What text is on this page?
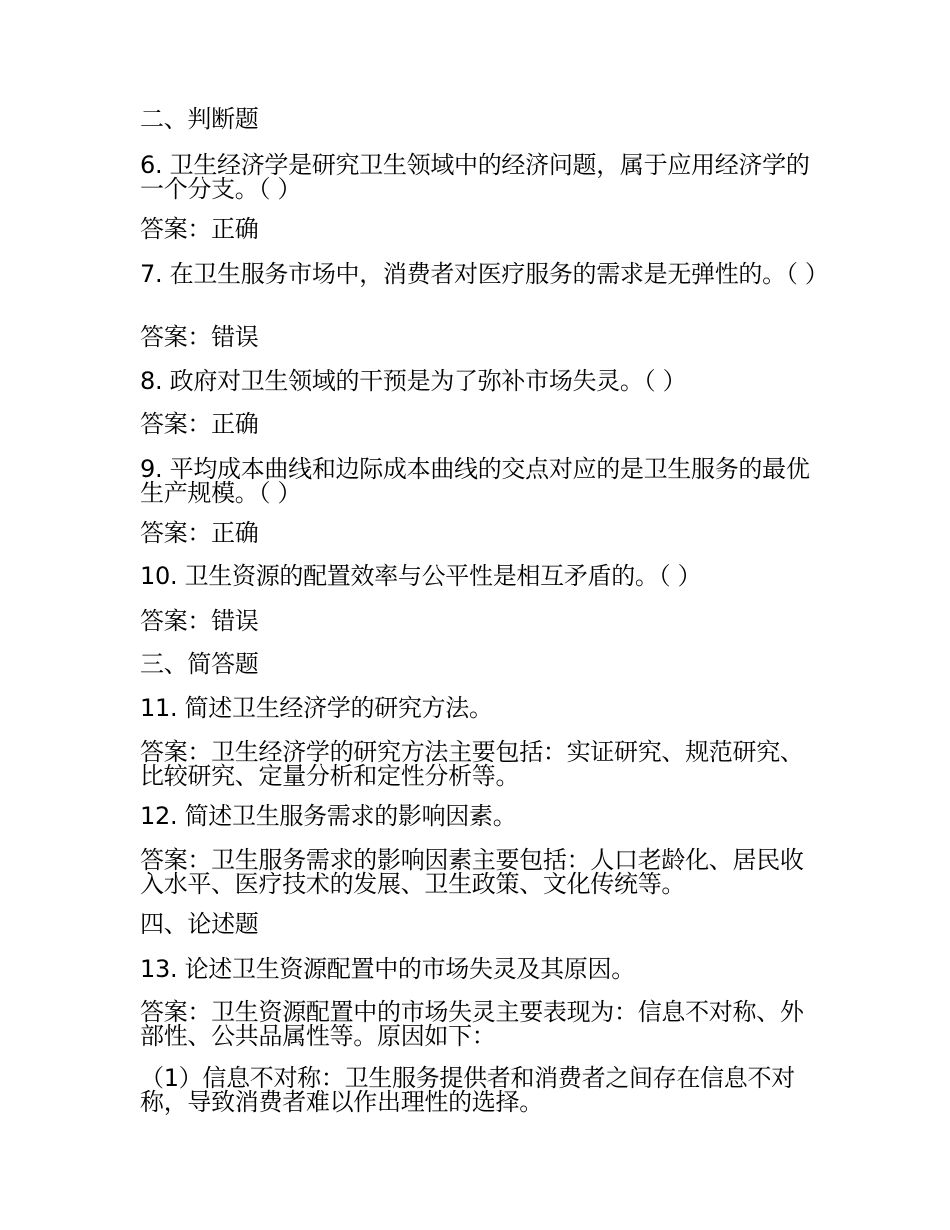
二、判断题
6. 卫生经济学是研究卫生领域中的经济问题，属于应用经济学的一个分支。（ ）
答案：正确
7. 在卫生服务市场中，消费者对医疗服务的需求是无弹性的。（ ）
答案：错误
8. 政府对卫生领域的干预是为了弥补市场失灵。（ ）
答案：正确
9. 平均成本曲线和边际成本曲线的交点对应的是卫生服务的最优生产规模。（ ）
答案：正确
10. 卫生资源的配置效率与公平性是相互矛盾的。（ ）
答案：错误
三、简答题
11. 简述卫生经济学的研究方法。
答案：卫生经济学的研究方法主要包括：实证研究、规范研究、比较研究、定量分析和定性分析等。
12. 简述卫生服务需求的影响因素。
答案：卫生服务需求的影响因素主要包括：人口老龄化、居民收入水平、医疗技术的发展、卫生政策、文化传统等。
四、论述题
13. 论述卫生资源配置中的市场失灵及其原因。
答案：卫生资源配置中的市场失灵主要表现为：信息不对称、外部性、公共品属性等。原因如下：
（1）信息不对称：卫生服务提供者和消费者之间存在信息不对称，导致消费者难以作出理性的选择。
